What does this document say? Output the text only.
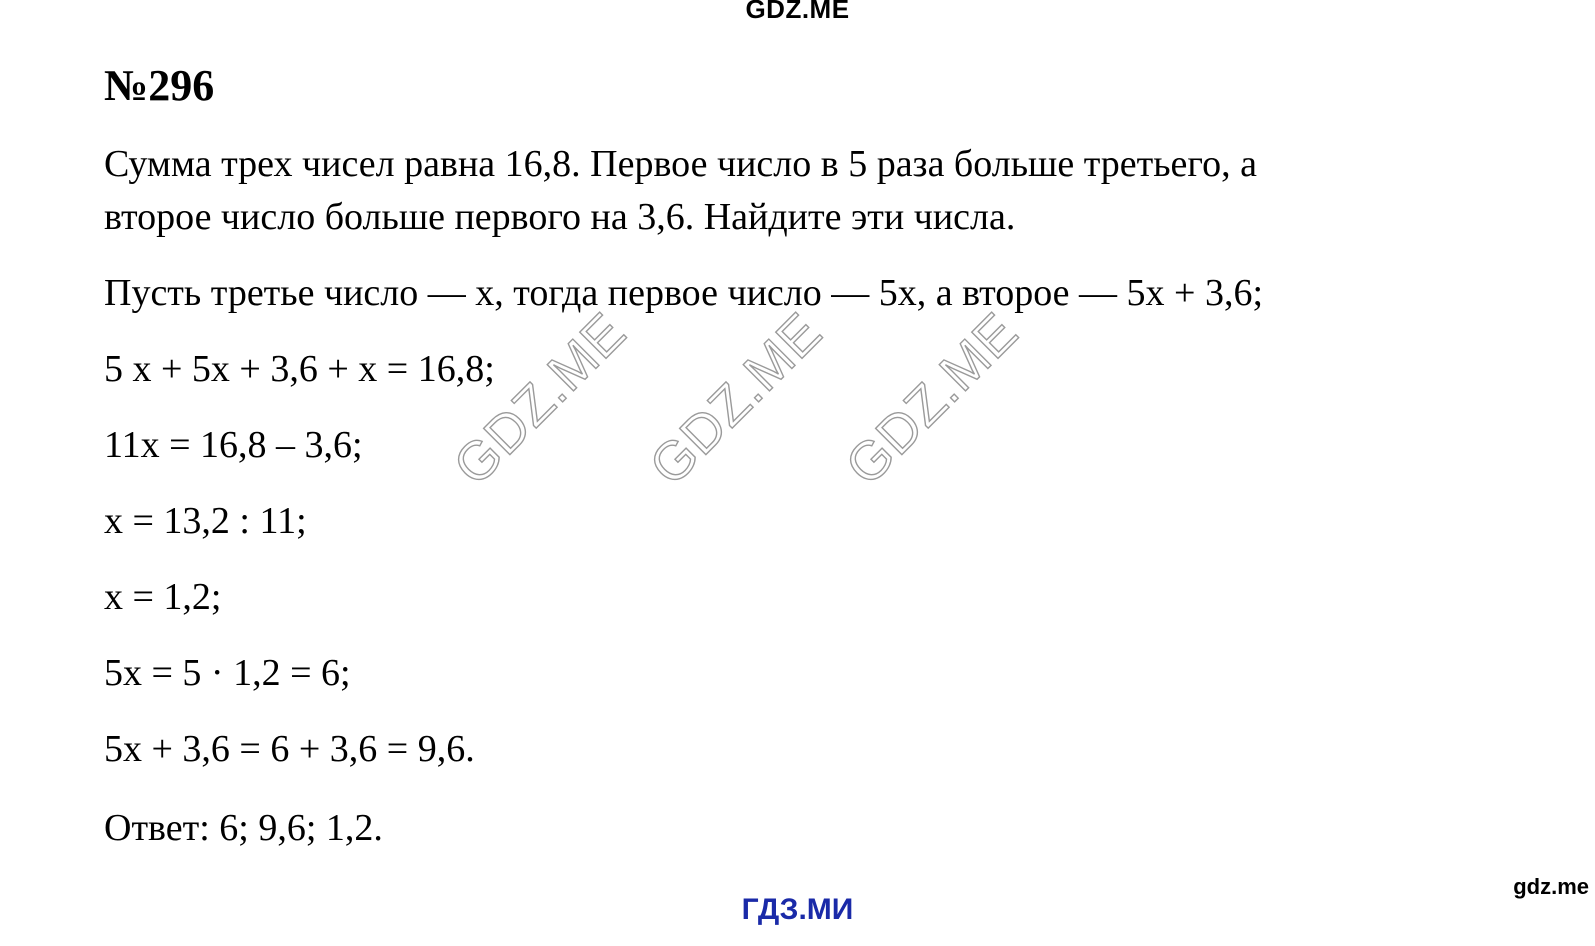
GDZ.ME
№296
Сумма трех чисел равна 16,8. Первое число в 5 раза больше третьего, а
второе число больше первого на 3,6. Найдите эти числа.
Пусть третье число — x, тогда первое число — 5x, а второе — 5x + 3,6;
5 x + 5x + 3,6 + x = 16,8;
11x = 16,8 – 3,6;
x = 13,2 : 11;
x = 1,2;
5x = 5 · 1,2 = 6;
5x + 3,6 = 6 + 3,6 = 9,6.
Ответ: 6; 9,6; 1,2.
GDZ.ME GDZ.ME GDZ.ME
ГДЗ.МИ
gdz.me
